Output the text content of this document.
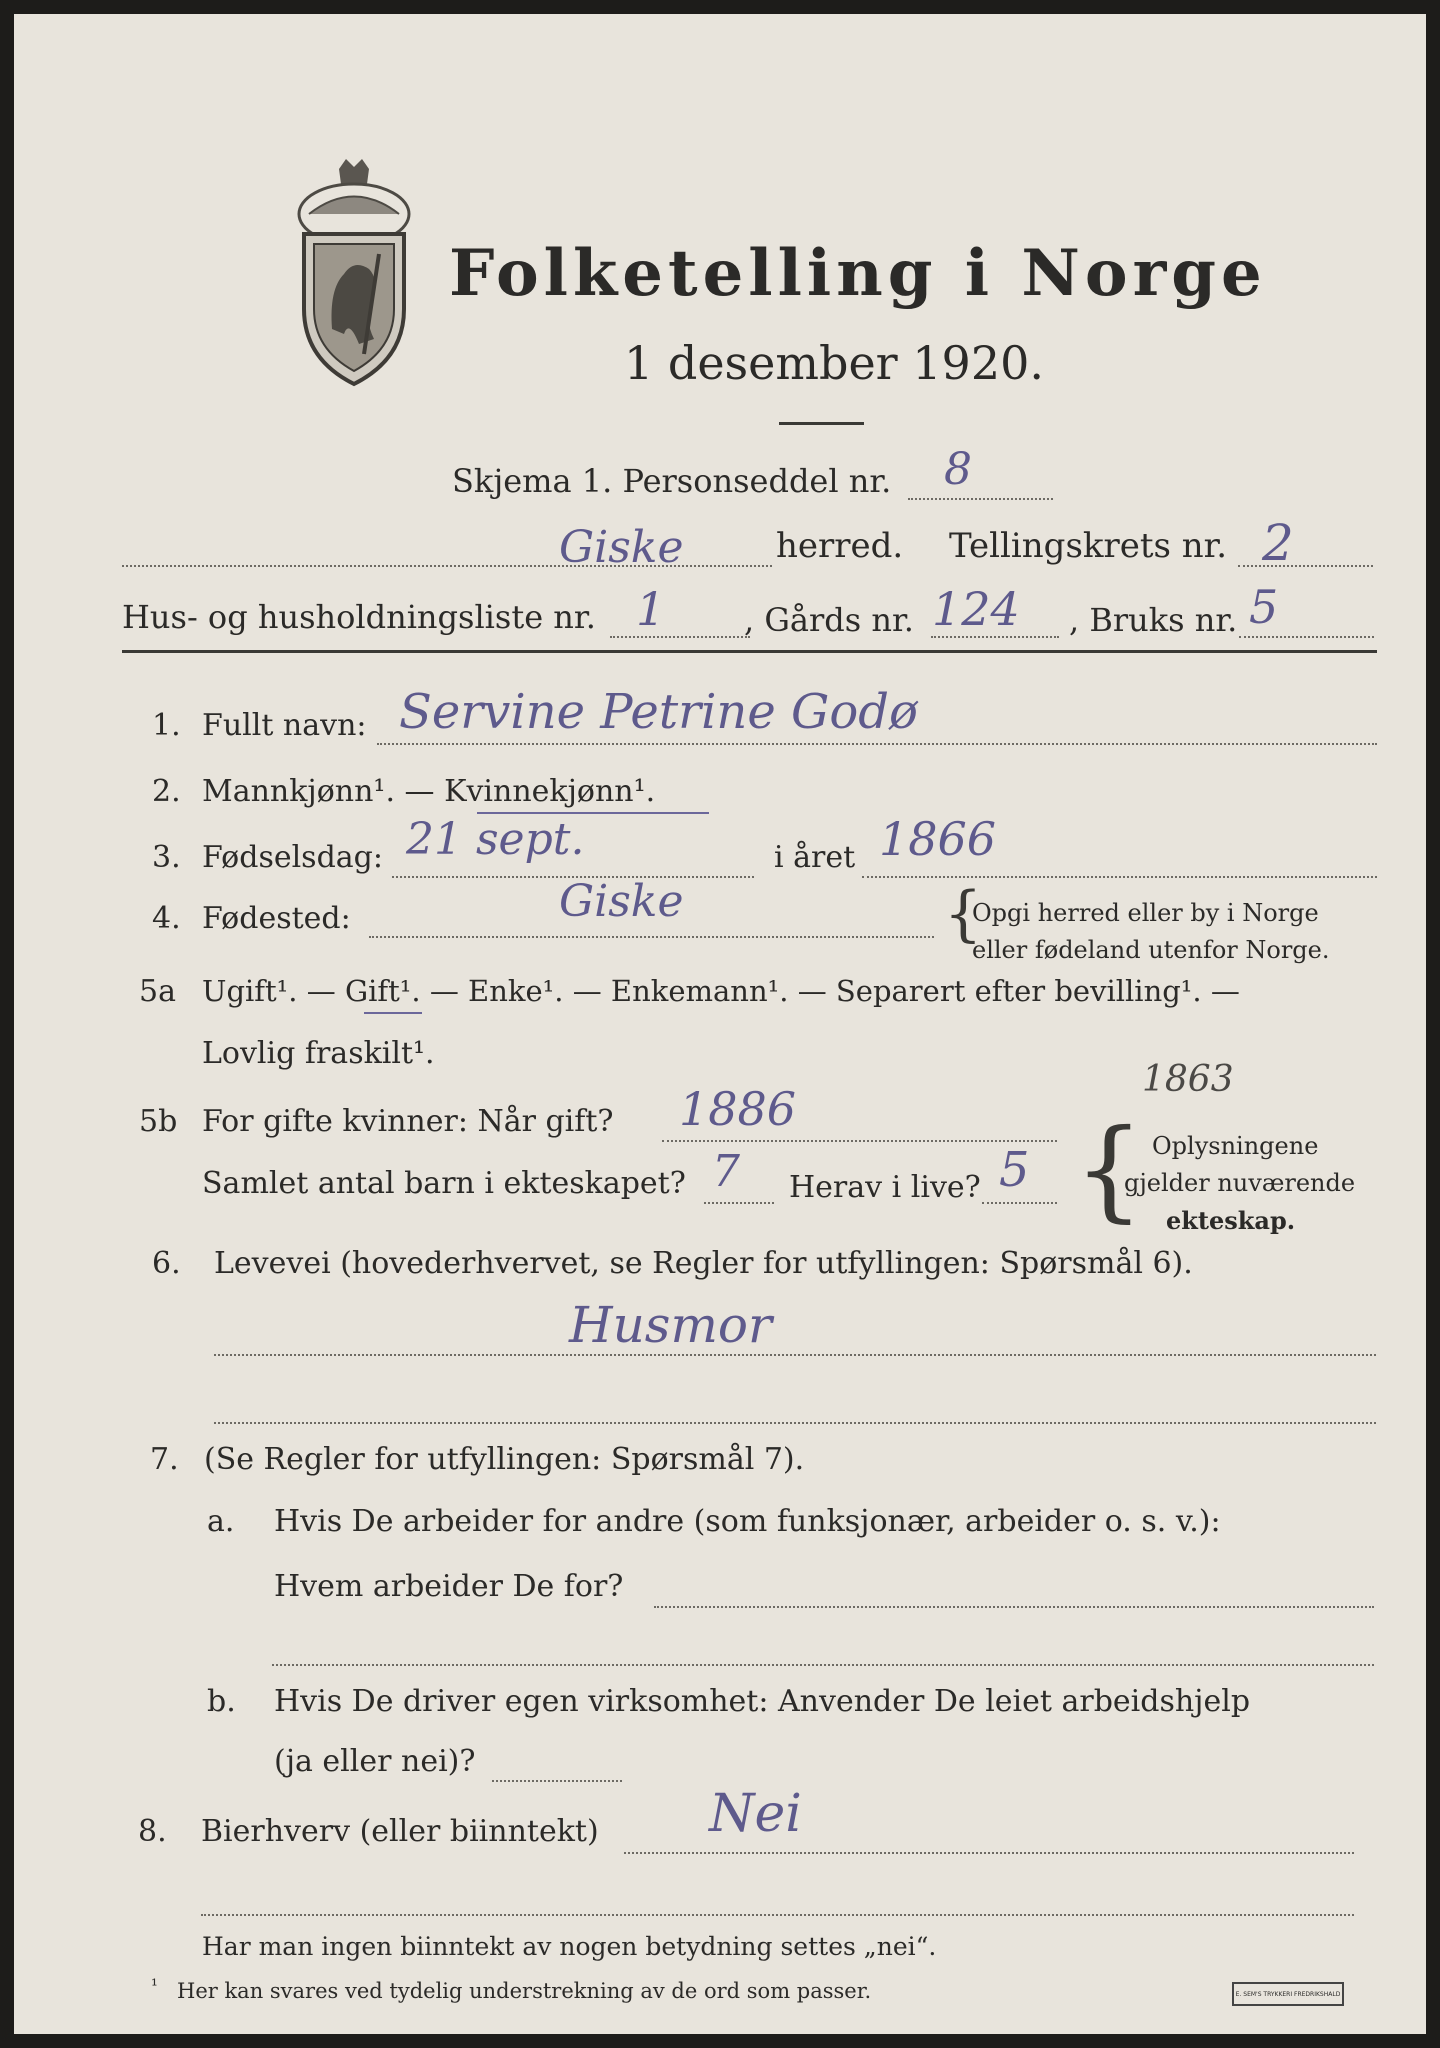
Folketelling i Norge
1 desember 1920.
Skjema 1. Personseddel nr. 8
Giske	herred. Tellingskrets nr. 2
Hus- og husholdningsliste nr. 1 , Gårds nr. 124 , Bruks nr. 5
1. Fullt navn: Servine Petrine Godø
2. Mannkjønn¹. — Kvinnekjønn¹.
3. Fødselsdag: 21 sept.	i året 1866
4. Fødested:	Giske	{
Opgi herred eller by i Norge
eller fødeland utenfor Norge.
5a Ugift¹. — Gift¹. — Enke¹. — Enkemann¹. — Separert efter bevilling¹. —
Lovlig fraskilt¹.
5b For gifte kvinner: Når gift? 1886
1863
Samlet antal barn i ekteskapet? 7 Herav i live? 5 { Oplysningene
gjelder nuværende
ekteskap.
6. Levevei (hovederhvervet, se Regler for utfyllingen: Spørsmål 6).
Husmor
7. (Se Regler for utfyllingen: Spørsmål 7).
a. Hvis De arbeider for andre (som funksjonær, arbeider o. s. v.):
Hvem arbeider De for?
b. Hvis De driver egen virksomhet: Anvender De leiet arbeidshjelp
(ja eller nei)?
8. Bierhverv (eller biinntekt) Nei
Har man ingen biinntekt av nogen betydning settes „nei“.
¹ Her kan svares ved tydelig understrekning av de ord som passer.	E. SEM'S TRYKKERI FREDRIKSHALD
